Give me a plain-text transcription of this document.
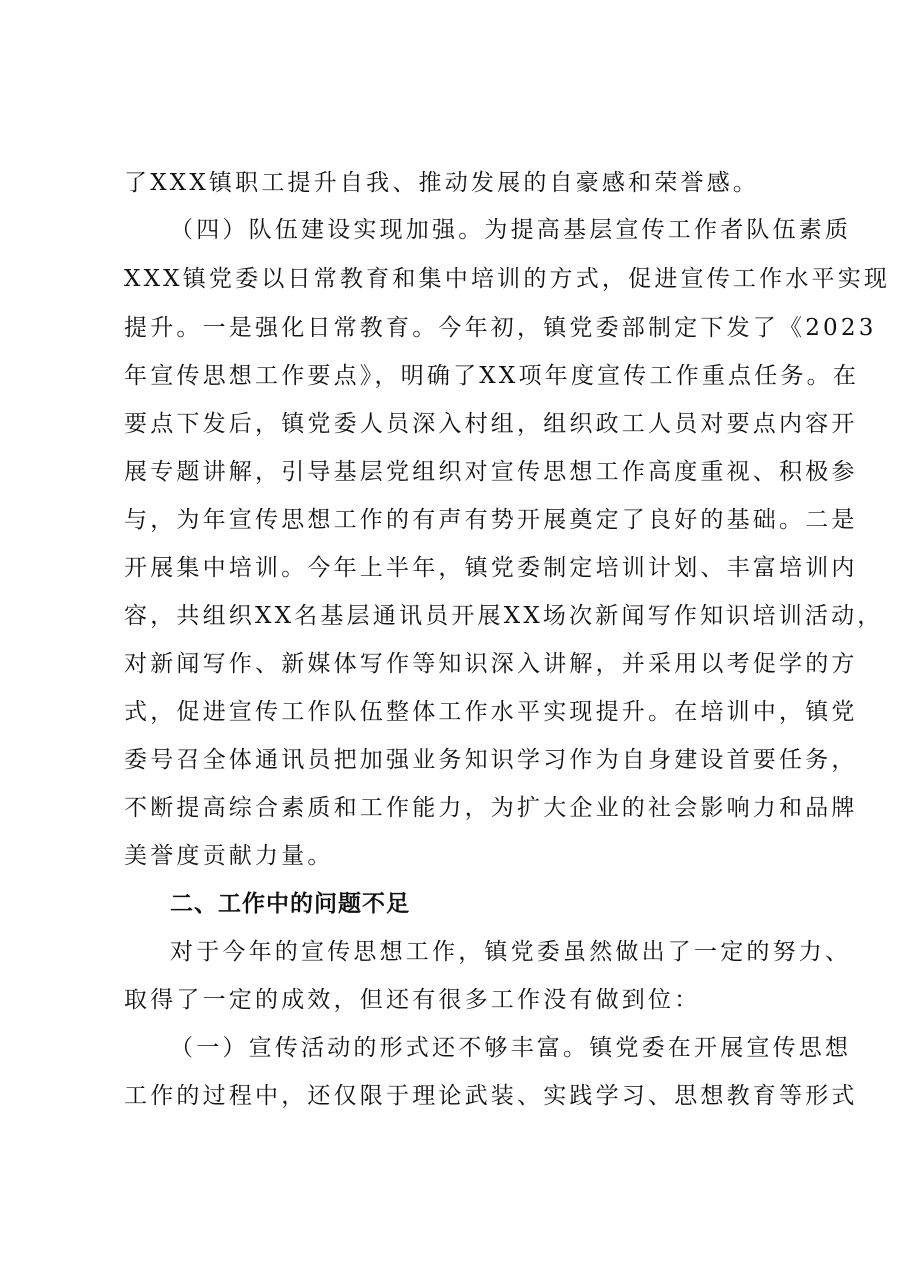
了XXX镇职工提升自我、推动发展的自豪感和荣誉感。
（四）队伍建设实现加强。为提高基层宣传工作者队伍素质
XXX镇党委以日常教育和集中培训的方式，促进宣传工作水平实现
提升。一是强化日常教育。今年初，镇党委部制定下发了《2023
年宣传思想工作要点》，明确了XX项年度宣传工作重点任务。在
要点下发后，镇党委人员深入村组，组织政工人员对要点内容开
展专题讲解，引导基层党组织对宣传思想工作高度重视、积极参
与，为年宣传思想工作的有声有势开展奠定了良好的基础。二是
开展集中培训。今年上半年，镇党委制定培训计划、丰富培训内
容，共组织XX名基层通讯员开展XX场次新闻写作知识培训活动，
对新闻写作、新媒体写作等知识深入讲解，并采用以考促学的方
式，促进宣传工作队伍整体工作水平实现提升。在培训中，镇党
委号召全体通讯员把加强业务知识学习作为自身建设首要任务，
不断提高综合素质和工作能力，为扩大企业的社会影响力和品牌
美誉度贡献力量。
二、工作中的问题不足
对于今年的宣传思想工作，镇党委虽然做出了一定的努力、
取得了一定的成效，但还有很多工作没有做到位：
（一）宣传活动的形式还不够丰富。镇党委在开展宣传思想
工作的过程中，还仅限于理论武装、实践学习、思想教育等形式
